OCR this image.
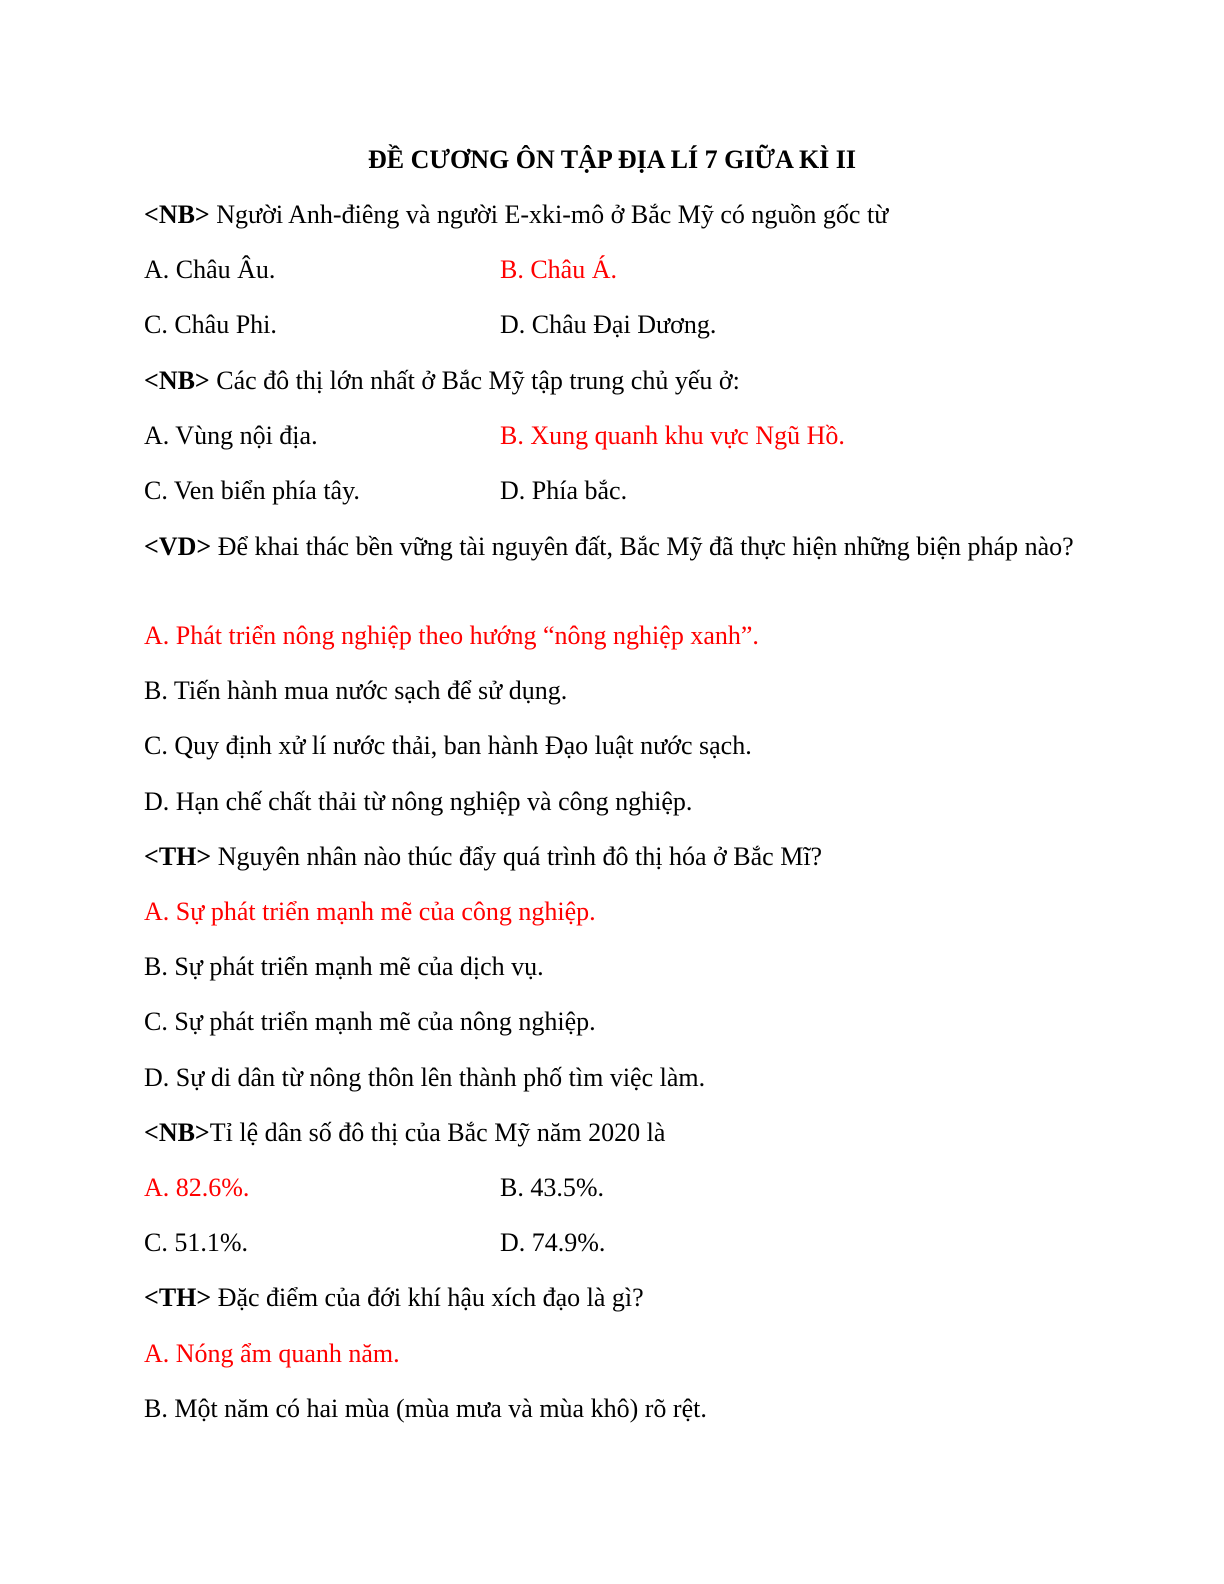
ĐỀ CƯƠNG ÔN TẬP ĐỊA LÍ 7 GIỮA KÌ II
<NB> Người Anh-điêng và người E-xki-mô ở Bắc Mỹ có nguồn gốc từ
A. Châu Âu.	B. Châu Á.
C. Châu Phi.	D. Châu Đại Dương.
<NB> Các đô thị lớn nhất ở Bắc Mỹ tập trung chủ yếu ở:
A. Vùng nội địa.	B. Xung quanh khu vực Ngũ Hồ.
C. Ven biển phía tây.	D. Phía bắc.
<VD> Để khai thác bền vững tài nguyên đất, Bắc Mỹ đã thực hiện những biện pháp nào?
A. Phát triển nông nghiệp theo hướng “nông nghiệp xanh”.
B. Tiến hành mua nước sạch để sử dụng.
C. Quy định xử lí nước thải, ban hành Đạo luật nước sạch.
D. Hạn chế chất thải từ nông nghiệp và công nghiệp.
<TH> Nguyên nhân nào thúc đẩy quá trình đô thị hóa ở Bắc Mĩ?
A. Sự phát triển mạnh mẽ của công nghiệp.
B. Sự phát triển mạnh mẽ của dịch vụ.
C. Sự phát triển mạnh mẽ của nông nghiệp.
D. Sự di dân từ nông thôn lên thành phố tìm việc làm.
<NB>Tỉ lệ dân số đô thị của Bắc Mỹ năm 2020 là
A. 82.6%.	B. 43.5%.
C. 51.1%.	D. 74.9%.
<TH> Đặc điểm của đới khí hậu xích đạo là gì?
A. Nóng ẩm quanh năm.
B. Một năm có hai mùa (mùa mưa và mùa khô) rõ rệt.
